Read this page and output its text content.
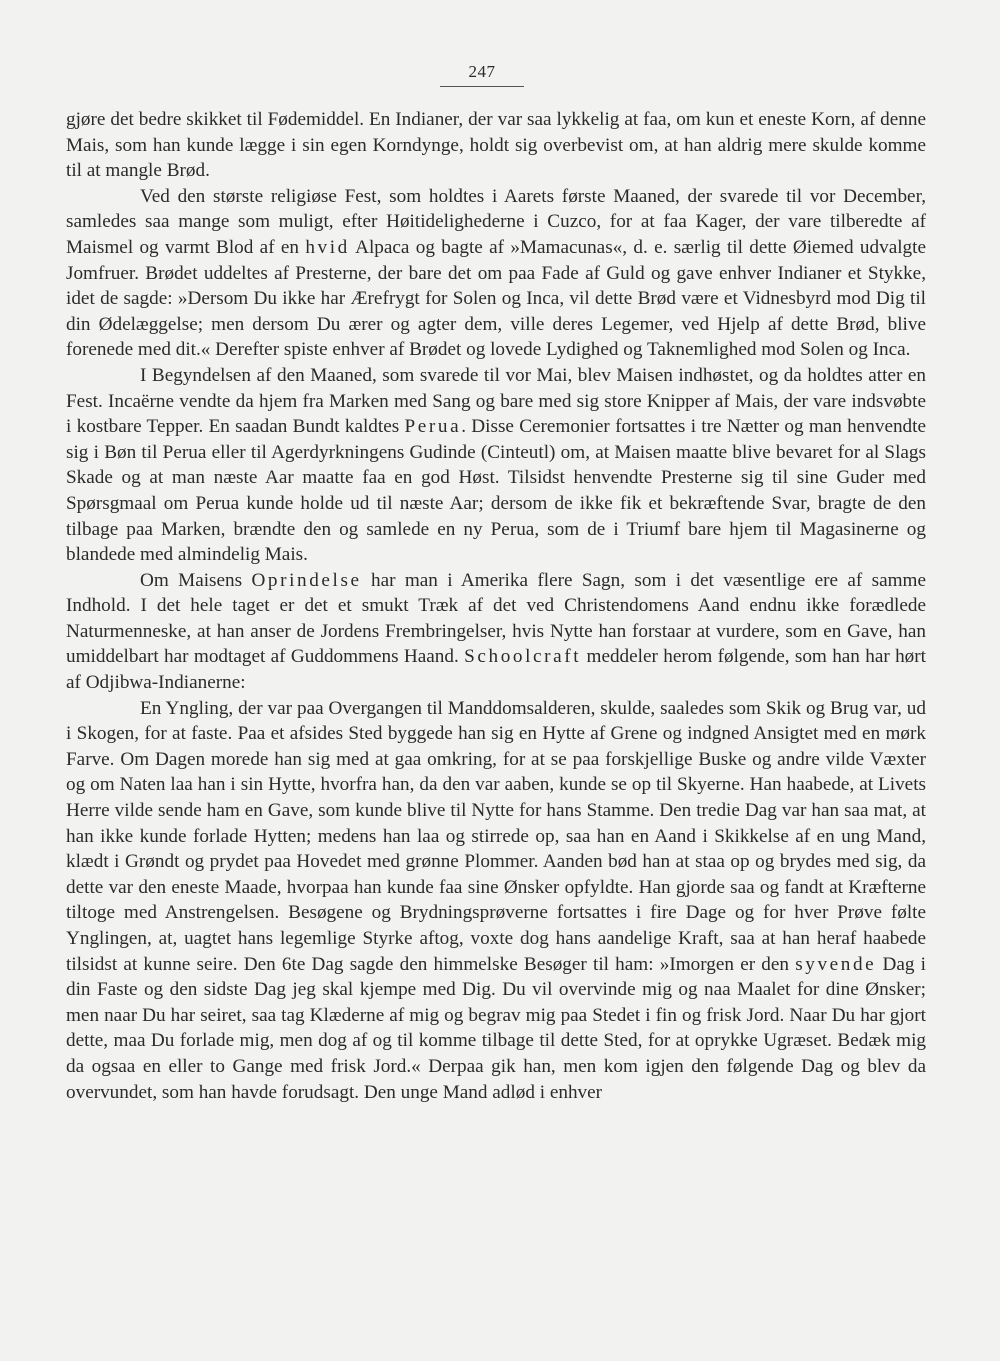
247

gjøre det bedre skikket til Fødemiddel. En Indianer, der var saa lykkelig at faa, om kun et eneste Korn, af denne Mais, som han kunde lægge i sin egen Korndynge, holdt sig overbevist om, at han aldrig mere skulde komme til at mangle Brød.

Ved den største religiøse Fest, som holdtes i Aarets første Maaned, der svarede til vor December, samledes saa mange som muligt, efter Høitidelighederne i Cuzco, for at faa Kager, der vare tilberedte af Maismel og varmt Blod af en hvid Alpaca og bagte af »Mamacunas«, d. e. særlig til dette Øiemed udvalgte Jomfruer. Brødet uddeltes af Presterne, der bare det om paa Fade af Guld og gave enhver Indianer et Stykke, idet de sagde: »Dersom Du ikke har Ærefrygt for Solen og Inca, vil dette Brød være et Vidnesbyrd mod Dig til din Ødelæggelse; men dersom Du ærer og agter dem, ville deres Legemer, ved Hjelp af dette Brød, blive forenede med dit.« Derefter spiste enhver af Brødet og lovede Lydighed og Taknemlighed mod Solen og Inca.

I Begyndelsen af den Maaned, som svarede til vor Mai, blev Maisen indhøstet, og da holdtes atter en Fest. Incaërne vendte da hjem fra Marken med Sang og bare med sig store Knipper af Mais, der vare indsvøbte i kostbare Tepper. En saadan Bundt kaldtes Perua. Disse Ceremonier fortsattes i tre Nætter og man henvendte sig i Bøn til Perua eller til Agerdyrkningens Gudinde (Cinteutl) om, at Maisen maatte blive bevaret for al Slags Skade og at man næste Aar maatte faa en god Høst. Tilsidst henvendte Presterne sig til sine Guder med Spørsgmaal om Perua kunde holde ud til næste Aar; dersom de ikke fik et bekræftende Svar, bragte de den tilbage paa Marken, brændte den og samlede en ny Perua, som de i Triumf bare hjem til Magasinerne og blandede med almindelig Mais.

Om Maisens Oprindelse har man i Amerika flere Sagn, som i det væsentlige ere af samme Indhold. I det hele taget er det et smukt Træk af det ved Christendomens Aand endnu ikke forædlede Naturmenneske, at han anser de Jordens Frembringelser, hvis Nytte han forstaar at vurdere, som en Gave, han umiddelbart har modtaget af Guddommens Haand. Schoolcraft meddeler herom følgende, som han har hørt af Odjibwa-Indianerne:

En Yngling, der var paa Overgangen til Manddomsalderen, skulde, saaledes som Skik og Brug var, ud i Skogen, for at faste. Paa et afsides Sted byggede han sig en Hytte af Grene og indgned Ansigtet med en mørk Farve. Om Dagen morede han sig med at gaa omkring, for at se paa forskjellige Buske og andre vilde Væxter og om Naten laa han i sin Hytte, hvorfra han, da den var aaben, kunde se op til Skyerne. Han haabede, at Livets Herre vilde sende ham en Gave, som kunde blive til Nytte for hans Stamme. Den tredie Dag var han saa mat, at han ikke kunde forlade Hytten; medens han laa og stirrede op, saa han en Aand i Skikkelse af en ung Mand, klædt i Grøndt og prydet paa Hovedet med grønne Plommer. Aanden bød han at staa op og brydes med sig, da dette var den eneste Maade, hvorpaa han kunde faa sine Ønsker opfyldte. Han gjorde saa og fandt at Kræfterne tiltoge med Anstrengelsen. Besøgene og Brydningsprøverne fortsattes i fire Dage og for hver Prøve følte Ynglingen, at, uagtet hans legemlige Styrke aftog, voxte dog hans aandelige Kraft, saa at han heraf haabede tilsidst at kunne seire. Den 6te Dag sagde den himmelske Besøger til ham: »Imorgen er den syvende Dag i din Faste og den sidste Dag jeg skal kjempe med Dig. Du vil overvinde mig og naa Maalet for dine Ønsker; men naar Du har seiret, saa tag Klæderne af mig og begrav mig paa Stedet i fin og frisk Jord. Naar Du har gjort dette, maa Du forlade mig, men dog af og til komme tilbage til dette Sted, for at oprykke Ugræset. Bedæk mig da ogsaa en eller to Gange med frisk Jord.« Derpaa gik han, men kom igjen den følgende Dag og blev da overvundet, som han havde forudsagt. Den unge Mand adlød i enhver
